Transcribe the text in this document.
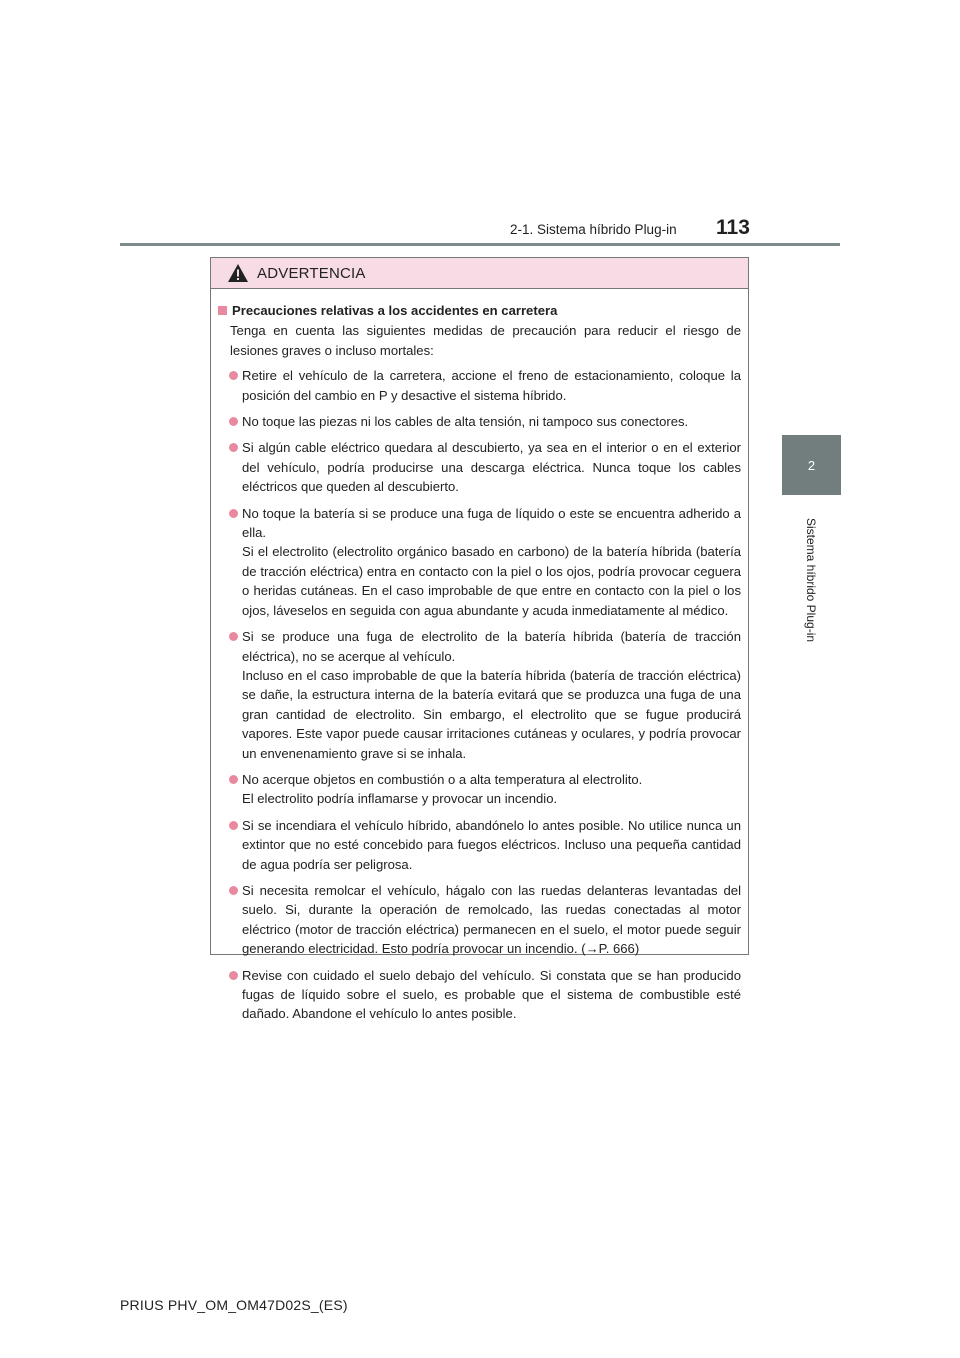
2-1. Sistema híbrido Plug-in 113
2
Sistema híbrido Plug-in
ADVERTENCIA
Precauciones relativas a los accidentes en carretera
Tenga en cuenta las siguientes medidas de precaución para reducir el riesgo de lesiones graves o incluso mortales:

Retire el vehículo de la carretera, accione el freno de estacionamiento, coloque la posición del cambio en P y desactive el sistema híbrido.

No toque las piezas ni los cables de alta tensión, ni tampoco sus conectores.

Si algún cable eléctrico quedara al descubierto, ya sea en el interior o en el exterior del vehículo, podría producirse una descarga eléctrica. Nunca toque los cables eléctricos que queden al descubierto.

No toque la batería si se produce una fuga de líquido o este se encuentra adherido a ella.

Si el electrolito (electrolito orgánico basado en carbono) de la batería híbrida (batería de tracción eléctrica) entra en contacto con la piel o los ojos, podría provocar ceguera o heridas cutáneas. En el caso improbable de que entre en contacto con la piel o los ojos, láveselos en seguida con agua abundante y acuda inmediatamente al médico.

Si se produce una fuga de electrolito de la batería híbrida (batería de tracción eléctrica), no se acerque al vehículo.

Incluso en el caso improbable de que la batería híbrida (batería de tracción eléctrica) se dañe, la estructura interna de la batería evitará que se produzca una fuga de una gran cantidad de electrolito. Sin embargo, el electrolito que se fugue producirá vapores. Este vapor puede causar irritaciones cutáneas y oculares, y podría provocar un envenenamiento grave si se inhala.

No acerque objetos en combustión o a alta temperatura al electrolito.

El electrolito podría inflamarse y provocar un incendio.

Si se incendiara el vehículo híbrido, abandónelo lo antes posible. No utilice nunca un extintor que no esté concebido para fuegos eléctricos. Incluso una pequeña cantidad de agua podría ser peligrosa.

Si necesita remolcar el vehículo, hágalo con las ruedas delanteras levantadas del suelo. Si, durante la operación de remolcado, las ruedas conectadas al motor eléctrico (motor de tracción eléctrica) permanecen en el suelo, el motor puede seguir generando electricidad. Esto podría provocar un incendio. (→P. 666)

Revise con cuidado el suelo debajo del vehículo. Si constata que se han producido fugas de líquido sobre el suelo, es probable que el sistema de combustible esté dañado. Abandone el vehículo lo antes posible.

PRIUS PHV_OM_OM47D02S_(ES)
